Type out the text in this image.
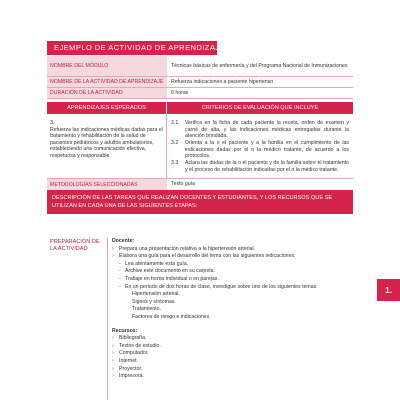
EJEMPLO DE ACTIVIDAD DE APRENDIZAJE
NOMBRE DEL MÓDULO	Técnicas básicas de enfermería y del Programa Nacional de Inmunizaciones
NOMBRE DE LA ACTIVIDAD DE APRENDIZAJE	Refuerza indicaciones a paciente hipertenso
DURACIÓN DE LA ACTIVIDAD	6 horas
APRENDIZAJES ESPERADOS	CRITERIOS DE EVALUACIÓN QUE INCLUYE
3.
Refuerza las indicaciones médicas dadas para el tratamiento y rehabilitación de la salud de pacientes pediátricos y adultos ambulatorios, estableciendo una comunicación efectiva, respetuosa y responsable.
3.1	Verifica en la ficha de cada paciente la receta, orden de examen y carné de alta, y las indicaciones médicas entregadas durante la atención brindada.
3.2	Orienta a la o el paciente y a la familia en el cumplimiento de las indicaciones dadas por el o la médico tratante, de acuerdo a los protocolos.
3.3	Aclara las dudas de la o el paciente y de la familia sobre el tratamiento y el proceso de rehabilitación indicadas por el o la médico tratante.
METODOLOGÍAS SELECCIONADAS	Texto guía
DESCRIPCIÓN DE LAS TAREAS QUE REALIZAN DOCENTES Y ESTUDIANTES, Y LOS RECURSOS QUE SE UTILIZAN EN CADA UNA DE LAS SIGUIENTES ETAPAS:
PREPARACIÓN DE LA ACTIVIDAD
Docente:
›	Prepara una presentación relativa a la hipertensión arterial.
›	Elabora una guía para el desarrollo del tema con las siguientes indicaciones:
- Lea atentamente esta guía.
- Archive este documento en su carpeta.
- Trabaje en forma individual o en parejas.
- En un período de dos horas de clase, investigue sobre uno de los siguientes temas:
Hipertensión arterial.
Signos y síntomas.
Tratamiento.
Factores de riesgo e indicaciones.
Recursos:
›	Bibliografía.
›	Textos de estudio.
›	Computador.
›	Internet.
›	Proyector.
›	Impresora.
1.
